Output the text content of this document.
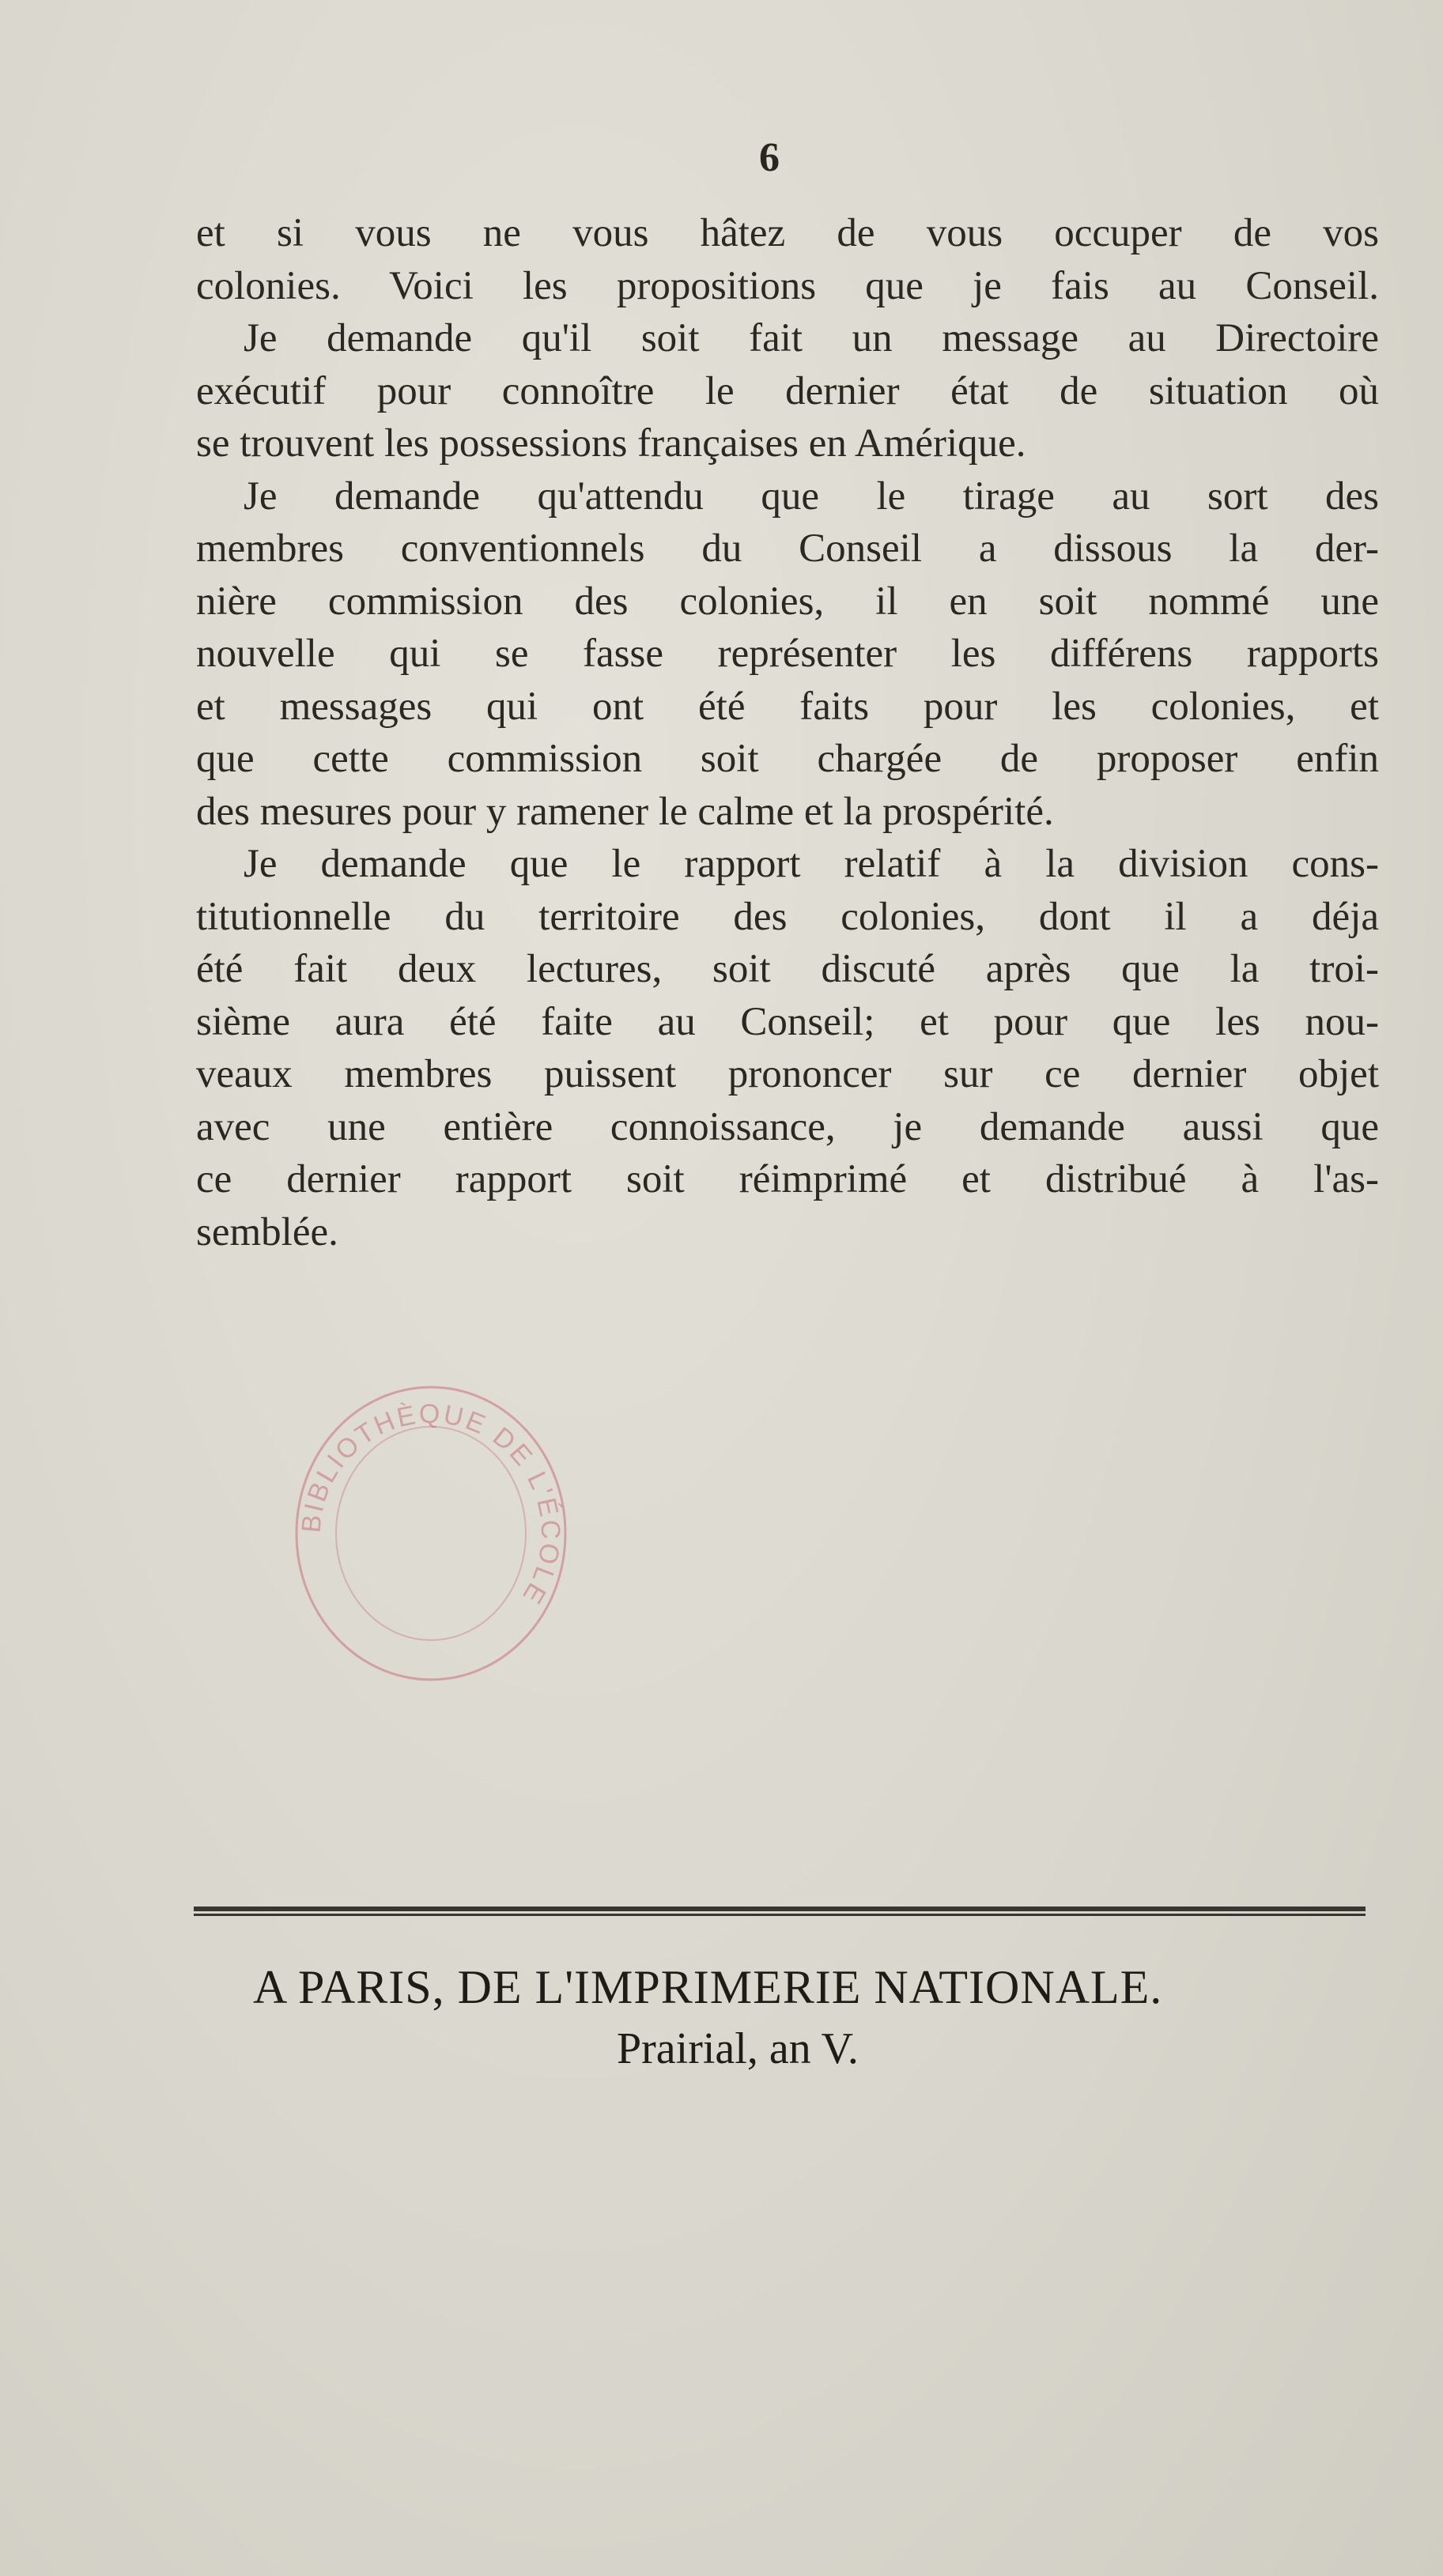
6
et si vous ne vous hâtez de vous occuper de vos
colonies. Voici les propositions que je fais au Conseil.
Je demande qu'il soit fait un message au Directoire
exécutif pour connoître le dernier état de situation où
se trouvent les possessions françaises en Amérique.
Je demande qu'attendu que le tirage au sort des
membres conventionnels du Conseil a dissous la der-
nière commission des colonies, il en soit nommé une
nouvelle qui se fasse représenter les différens rapports
et messages qui ont été faits pour les colonies, et
que cette commission soit chargée de proposer enfin
des mesures pour y ramener le calme et la prospérité.
Je demande que le rapport relatif à la division cons-
titutionnelle du territoire des colonies, dont il a déja
été fait deux lectures, soit discuté après que la troi-
sième aura été faite au Conseil; et pour que les nou-
veaux membres puissent prononcer sur ce dernier objet
avec une entière connoissance, je demande aussi que
ce dernier rapport soit réimprimé et distribué à l'as-
semblée.
BIBLIOTHÈQUE DE L'ÉCOLE
A PARIS, DE L'IMPRIMERIE NATIONALE.
Prairial, an V.
